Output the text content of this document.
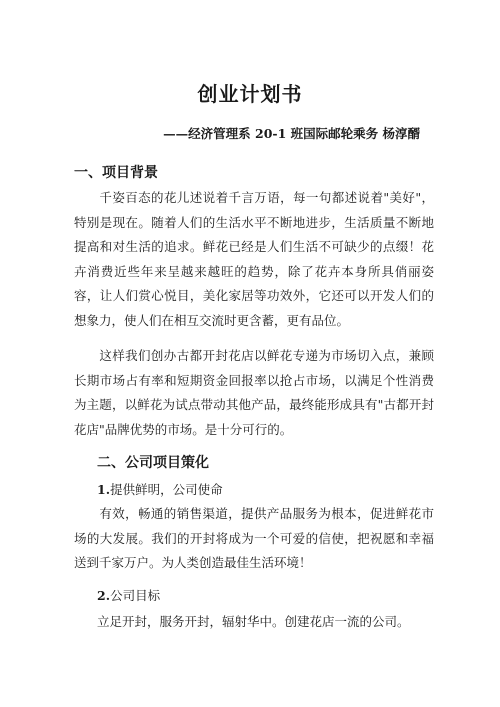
创业计划书
——经济管理系 20-1 班国际邮轮乘务 杨淳醑
一、项目背景

千姿百态的花儿述说着千言万语，每一句都述说着"美好"，特别是现在。随着人们的生活水平不断地进步，生活质量不断地提高和对生活的追求。鲜花已经是人们生活不可缺少的点缀！花卉消费近些年来呈越来越旺的趋势，除了花卉本身所具俏丽姿容，让人们赏心悦目，美化家居等功效外，它还可以开发人们的想象力，使人们在相互交流时更含蓄，更有品位。

这样我们创办古都开封花店以鲜花专递为市场切入点，兼顾长期市场占有率和短期资金回报率以抢占市场，以满足个性消费为主题，以鲜花为试点带动其他产品，最终能形成具有"古都开封花店"品牌优势的市场。是十分可行的。

二、公司项目策化
1.提供鲜明，公司使命

有效，畅通的销售渠道，提供产品服务为根本，促进鲜花市场的大发展。我们的开封将成为一个可爱的信使，把祝愿和幸福送到千家万户。为人类创造最佳生活环境！

2.公司目标
立足开封，服务开封，辐射华中。创建花店一流的公司。
